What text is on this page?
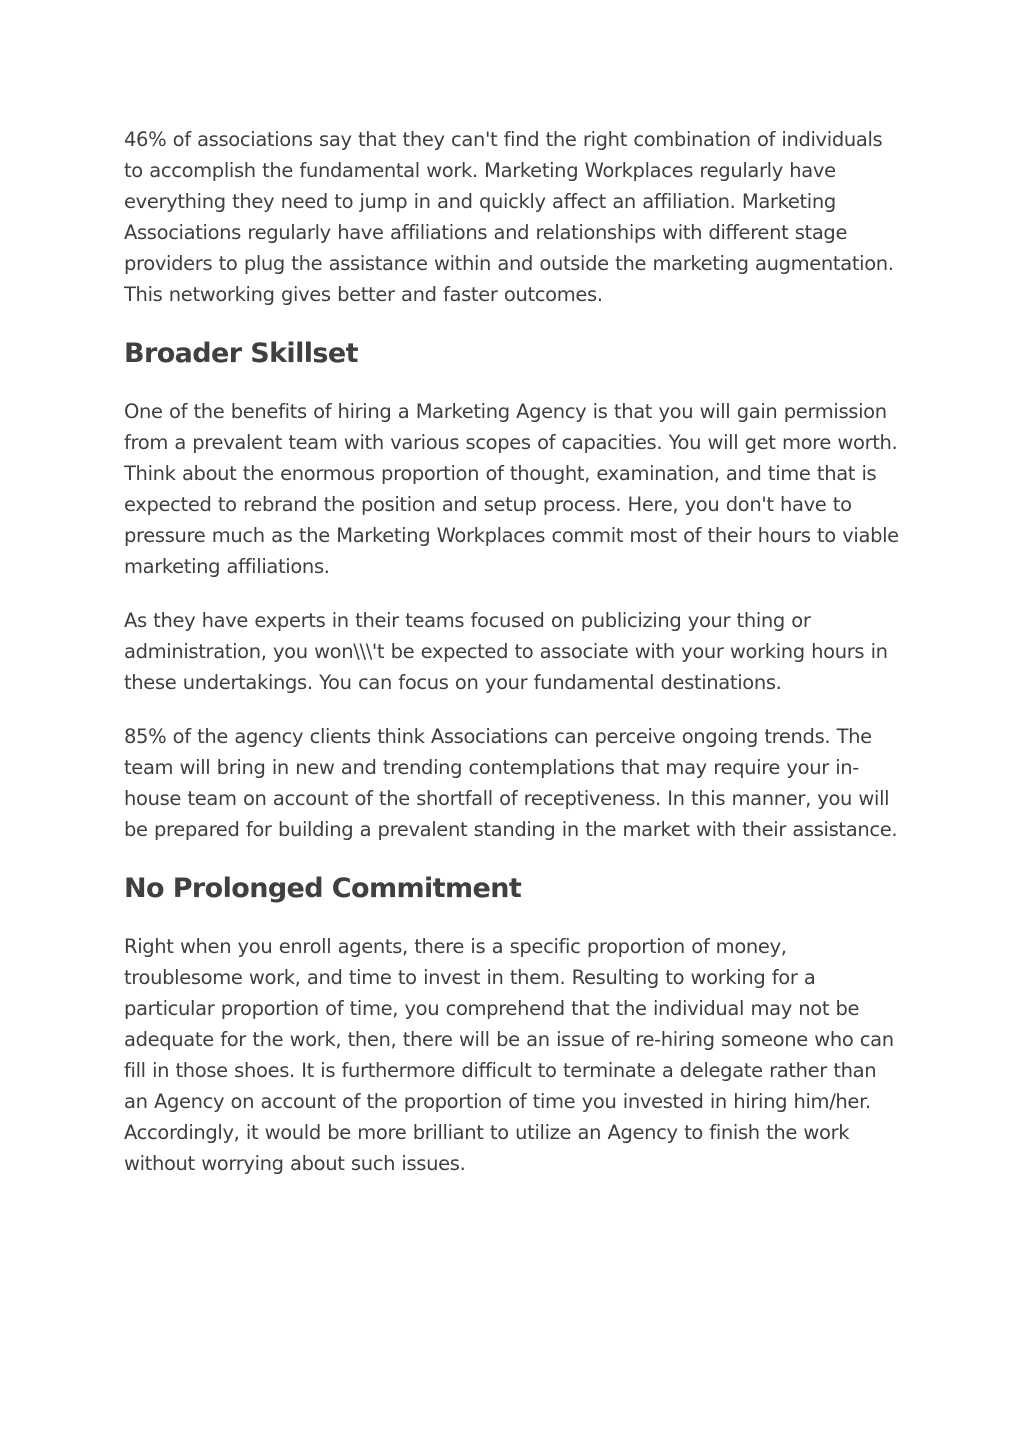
46% of associations say that they can't find the right combination of individuals to accomplish the fundamental work. Marketing Workplaces regularly have everything they need to jump in and quickly affect an affiliation. Marketing Associations regularly have affiliations and relationships with different stage providers to plug the assistance within and outside the marketing augmentation. This networking gives better and faster outcomes.

Broader Skillset

One of the benefits of hiring a Marketing Agency is that you will gain permission from a prevalent team with various scopes of capacities. You will get more worth. Think about the enormous proportion of thought, examination, and time that is expected to rebrand the position and setup process. Here, you don't have to pressure much as the Marketing Workplaces commit most of their hours to viable marketing affiliations.

As they have experts in their teams focused on publicizing your thing or administration, you won\\\'t be expected to associate with your working hours in these undertakings. You can focus on your fundamental destinations.

85% of the agency clients think Associations can perceive ongoing trends. The team will bring in new and trending contemplations that may require your in-house team on account of the shortfall of receptiveness. In this manner, you will be prepared for building a prevalent standing in the market with their assistance.

No Prolonged Commitment

Right when you enroll agents, there is a specific proportion of money, troublesome work, and time to invest in them. Resulting to working for a particular proportion of time, you comprehend that the individual may not be adequate for the work, then, there will be an issue of re-hiring someone who can fill in those shoes. It is furthermore difficult to terminate a delegate rather than an Agency on account of the proportion of time you invested in hiring him/her. Accordingly, it would be more brilliant to utilize an Agency to finish the work without worrying about such issues.
